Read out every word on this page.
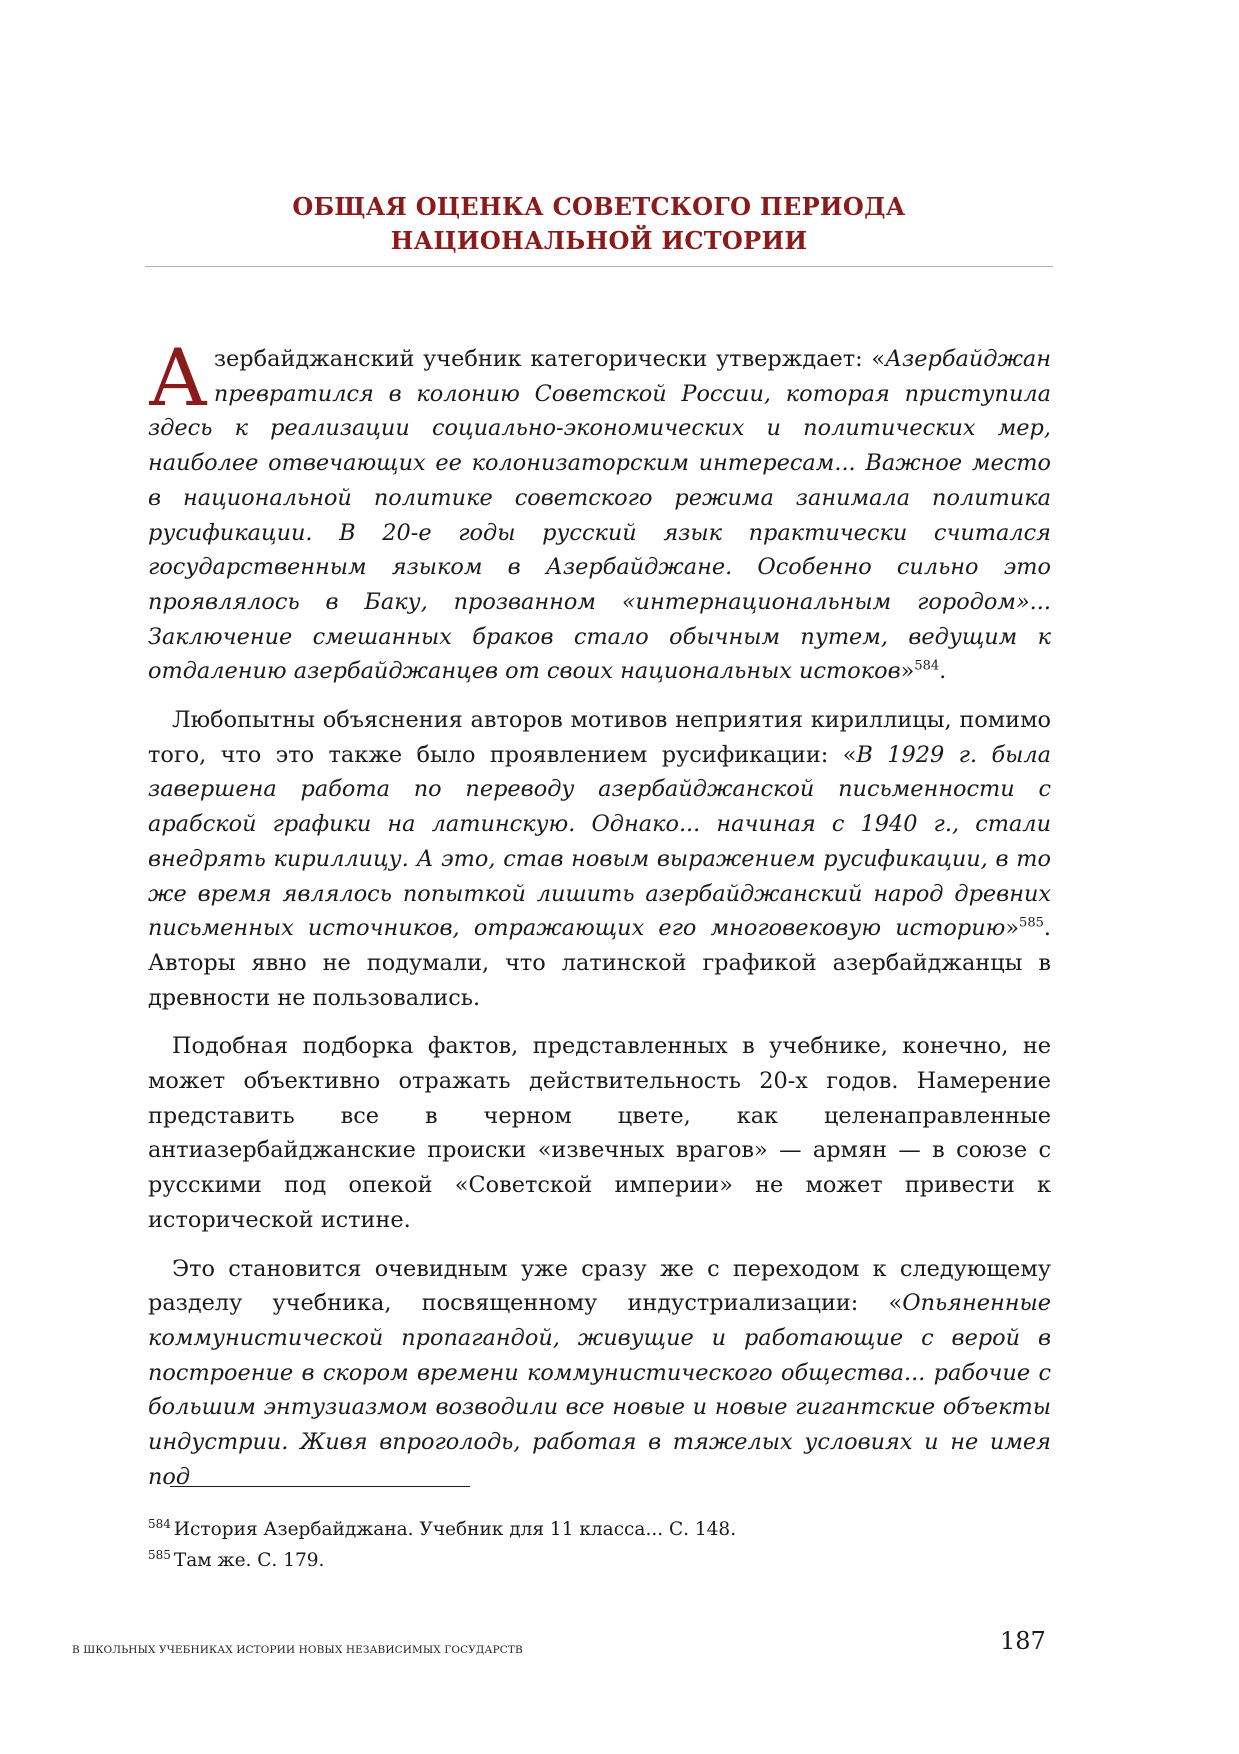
ОБЩАЯ ОЦЕНКА СОВЕТСКОГО ПЕРИОДА
НАЦИОНАЛЬНОЙ ИСТОРИИ

Азербайджанский учебник категорически утверждает: «Азербайджан превратился в колонию Советской России, которая приступила здесь к реализации социально-экономических и политических мер, наиболее отвечающих ее колонизаторским интересам... Важное место в национальной политике советского режима занимала политика русификации. В 20-е годы русский язык практически считался государственным языком в Азербайджане. Особенно сильно это проявлялось в Баку, прозванном «интернациональным городом»... Заключение смешанных браков стало обычным путем, ведущим к отдалению азербайджанцев от своих национальных истоков»$^{584}$.

Любопытны объяснения авторов мотивов неприятия кириллицы, помимо того, что это также было проявлением русификации: «В 1929 г. была завершена работа по переводу азербайджанской письменности с арабской графики на латинскую. Однако... начиная с 1940 г., стали внедрять кириллицу. А это, став новым выражением русификации, в то же время являлось попыткой лишить азербайджанский народ древних письменных источников, отражающих его многовековую историю»$^{585}$. Авторы явно не подумали, что латинской графикой азербайджанцы в древности не пользовались.

Подобная подборка фактов, представленных в учебнике, конечно, не может объективно отражать действительность 20-х годов. Намерение представить все в черном цвете, как целенаправленные антиазербайджанские происки «извечных врагов» — армян — в союзе с русскими под опекой «Советской империи» не может привести к исторической истине.

Это становится очевидным уже сразу же с переходом к следующему разделу учебника, посвященному индустриализации: «Опьяненные коммунистической пропагандой, живущие и работающие с верой в построение в скором времени коммунистического общества... рабочие с большим энтузиазмом возводили все новые и новые гигантские объекты индустрии. Живя впроголодь, работая в тяжелых условиях и не имея под

$^{584}$ История Азербайджана. Учебник для 11 класса... С. 148.
$^{585}$ Там же. С. 179.
В ШКОЛЬНЫХ УЧЕБНИКАХ ИСТОРИИ НОВЫХ НЕЗАВИСИМЫХ ГОСУДАРСТВ	187
